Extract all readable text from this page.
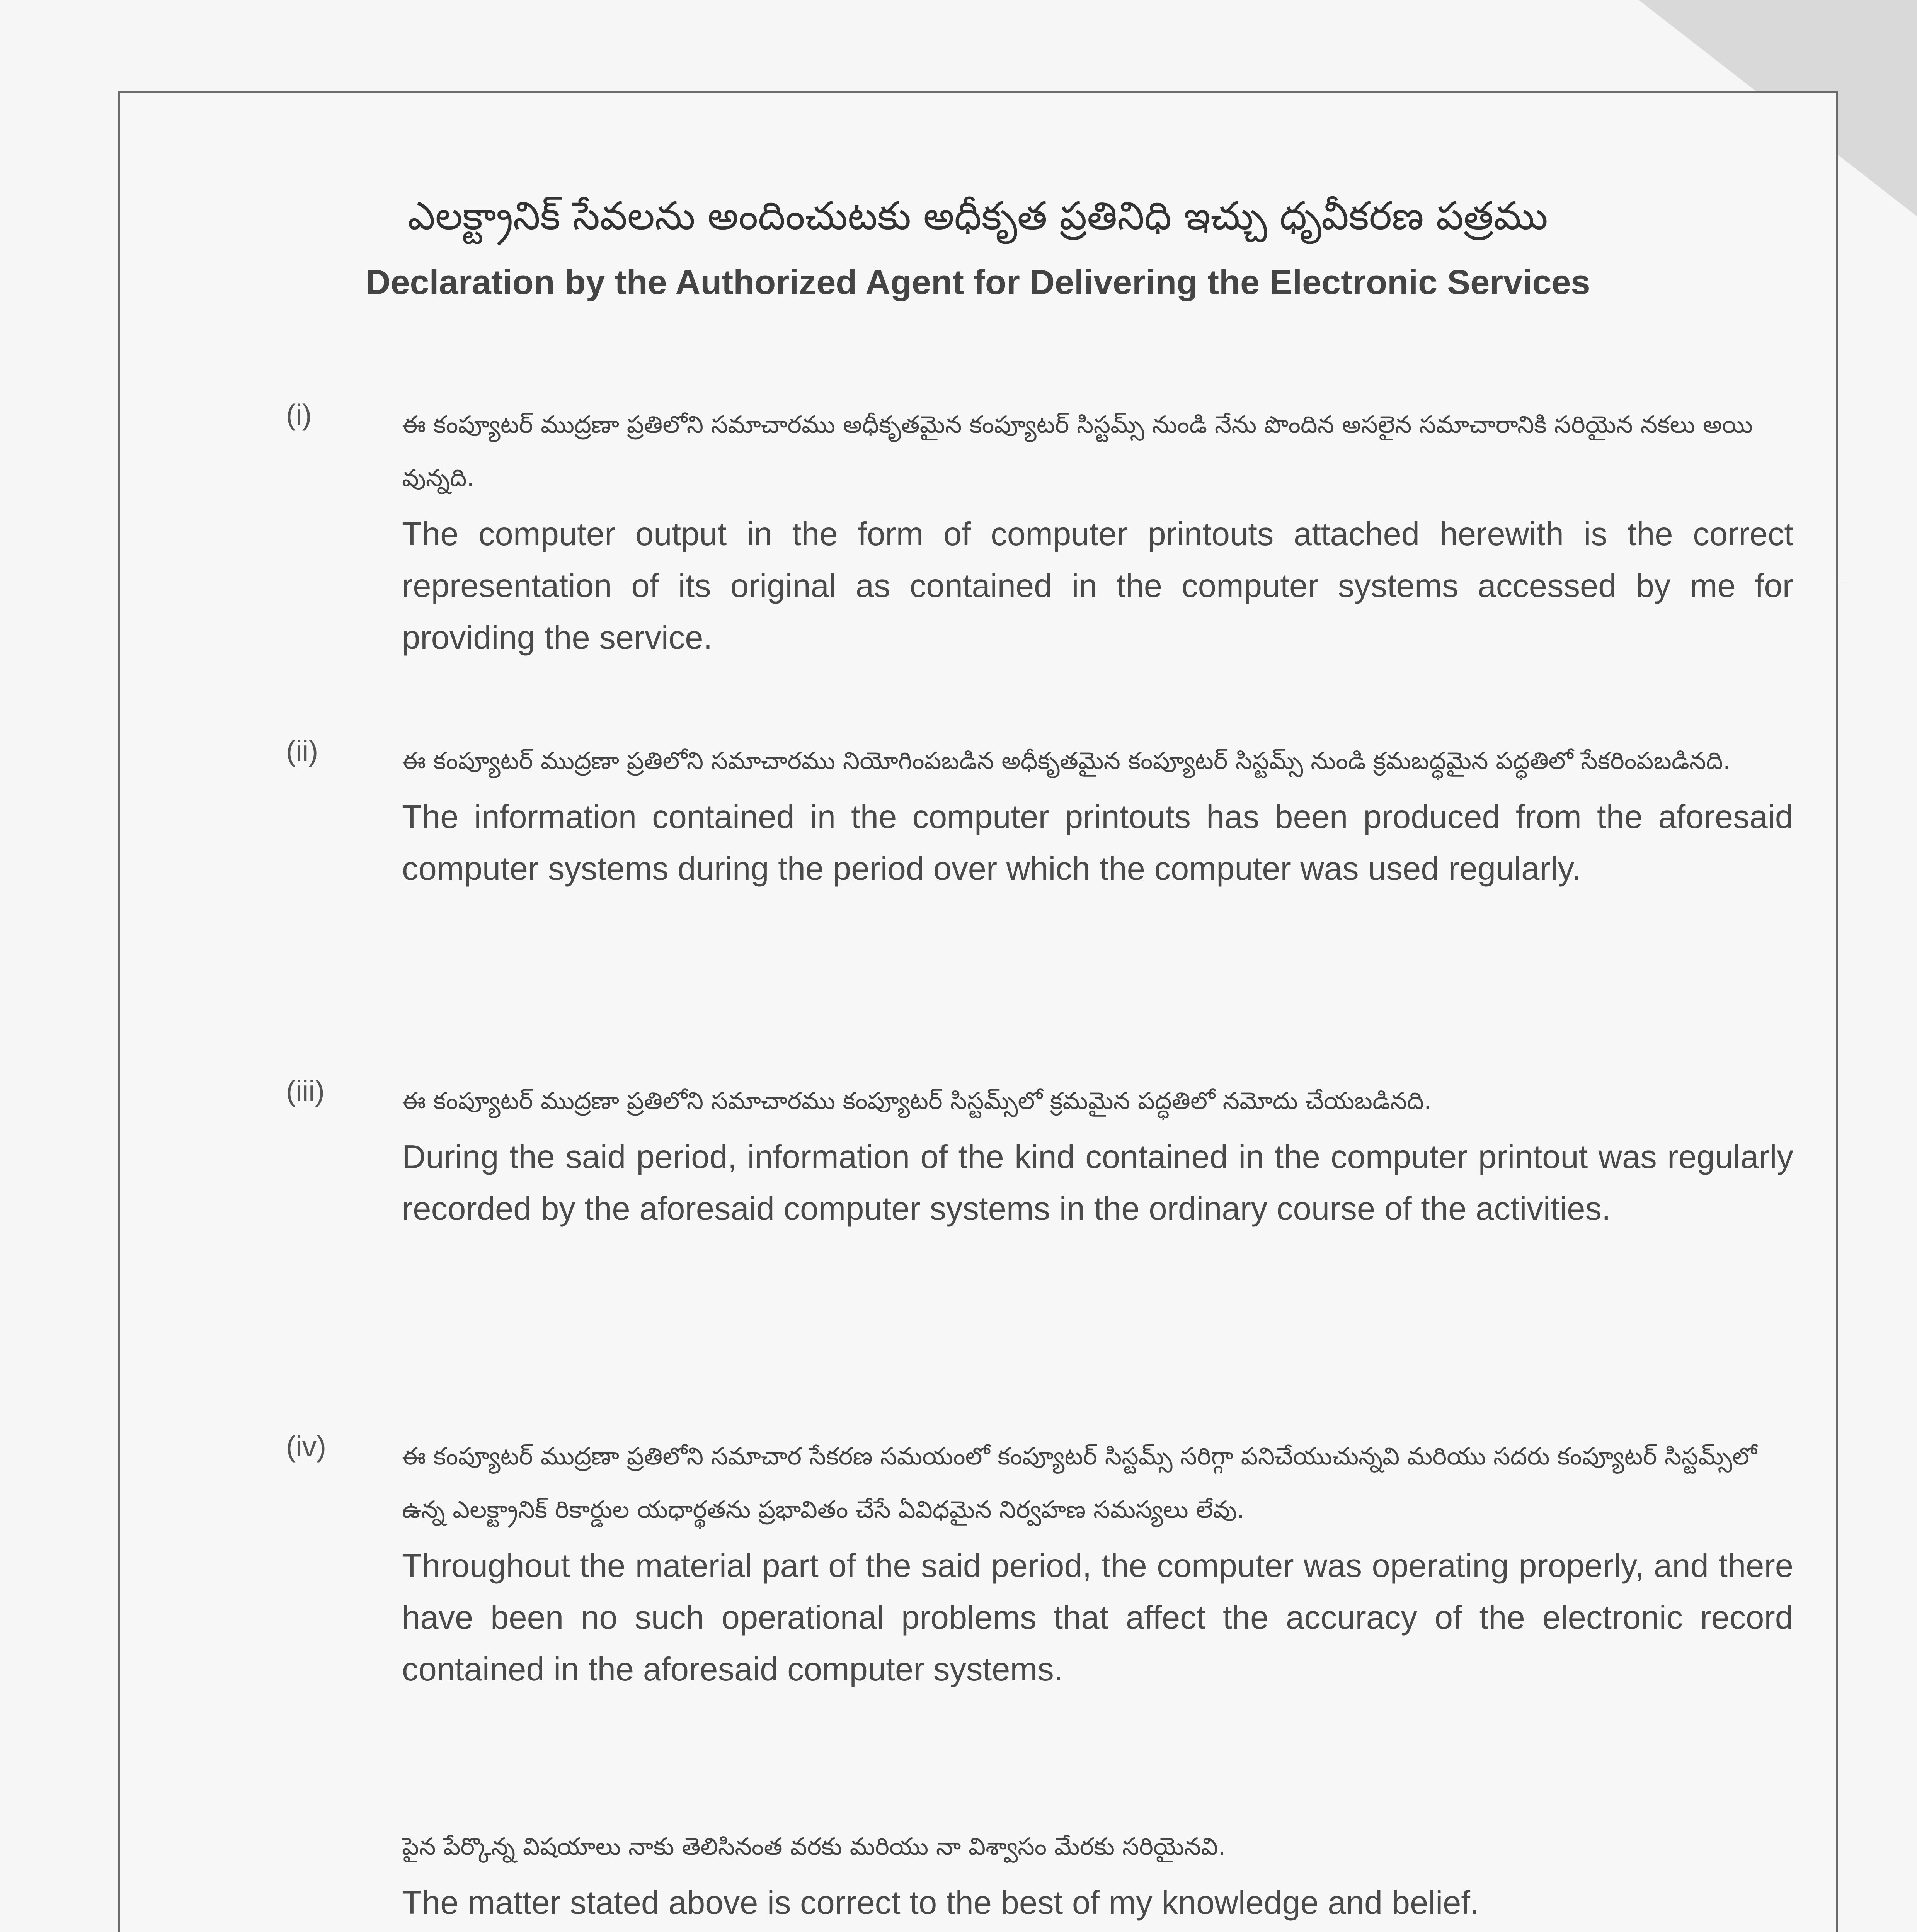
ఎలక్ట్రానిక్ సేవలను అందించుటకు అధీకృత ప్రతినిధి ఇచ్చు ధృవీకరణ పత్రము
Declaration by the Authorized Agent for Delivering the Electronic Services
(i)	ఈ కంప్యూటర్ ముద్రణా ప్రతిలోని సమాచారము అధీకృతమైన కంప్యూటర్ సిస్టమ్స్ నుండి నేను పొందిన అసలైన సమాచారానికి సరియైన నకలు అయి వున్నది.
The computer output in the form of computer printouts attached herewith is the correct representation of its original as contained in the computer systems accessed by me for providing the service.
(ii)	ఈ కంప్యూటర్ ముద్రణా ప్రతిలోని సమాచారము నియోగింపబడిన అధీకృతమైన కంప్యూటర్ సిస్టమ్స్ నుండి క్రమబద్ధమైన పద్ధతిలో సేకరింపబడినది.
The information contained in the computer printouts has been produced from the aforesaid computer systems during the period over which the computer was used regularly.
(iii)	ఈ కంప్యూటర్ ముద్రణా ప్రతిలోని సమాచారము కంప్యూటర్ సిస్టమ్స్‌లో క్రమమైన పద్ధతిలో నమోదు చేయబడినది.
During the said period, information of the kind contained in the computer printout was regularly recorded by the aforesaid computer systems in the ordinary course of the activities.
(iv)	ఈ కంప్యూటర్ ముద్రణా ప్రతిలోని సమాచార సేకరణ సమయంలో కంప్యూటర్ సిస్టమ్స్ సరిగ్గా పనిచేయుచున్నవి మరియు సదరు కంప్యూటర్ సిస్టమ్స్‌లో ఉన్న ఎలక్ట్రానిక్ రికార్డుల యధార్థతను ప్రభావితం చేసే ఏవిధమైన నిర్వహణ సమస్యలు లేవు.
Throughout the material part of the said period, the computer was operating properly, and there have been no such operational problems that affect the accuracy of the electronic record contained in the aforesaid computer systems.
పైన పేర్కొన్న విషయాలు నాకు తెలిసినంత వరకు మరియు నా విశ్వాసం మేరకు సరియైనవి.
The matter stated above is correct to the best of my knowledge and belief.
